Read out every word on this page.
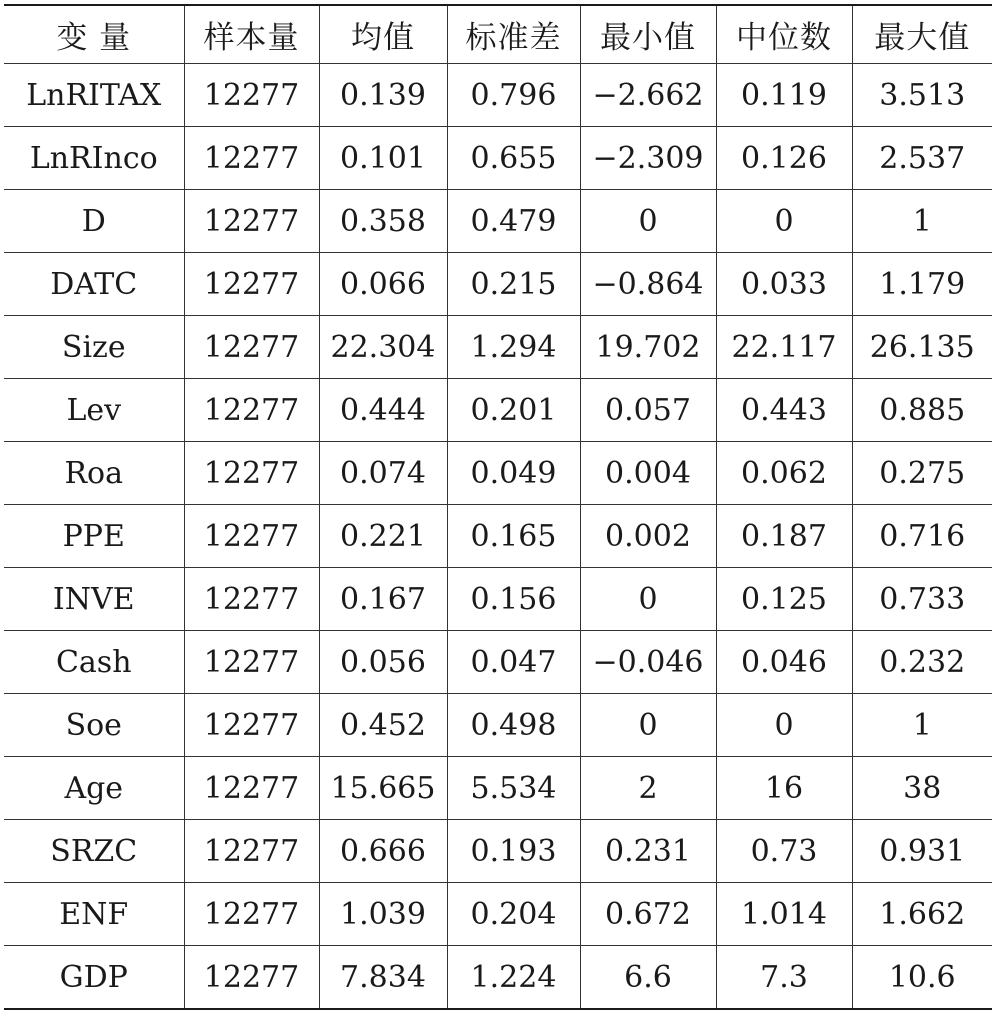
变 量	样本量	均值	标准差	最小值	中位数	最大值
LnRITAX	12277	0.139	0.796	−2.662	0.119	3.513
LnRInco	12277	0.101	0.655	−2.309	0.126	2.537
D	12277	0.358	0.479	0	0	1
DATC	12277	0.066	0.215	−0.864	0.033	1.179
Size	12277	22.304	1.294	19.702	22.117	26.135
Lev	12277	0.444	0.201	0.057	0.443	0.885
Roa	12277	0.074	0.049	0.004	0.062	0.275
PPE	12277	0.221	0.165	0.002	0.187	0.716
INVE	12277	0.167	0.156	0	0.125	0.733
Cash	12277	0.056	0.047	−0.046	0.046	0.232
Soe	12277	0.452	0.498	0	0	1
Age	12277	15.665	5.534	2	16	38
SRZC	12277	0.666	0.193	0.231	0.73	0.931
ENF	12277	1.039	0.204	0.672	1.014	1.662
GDP	12277	7.834	1.224	6.6	7.3	10.6
